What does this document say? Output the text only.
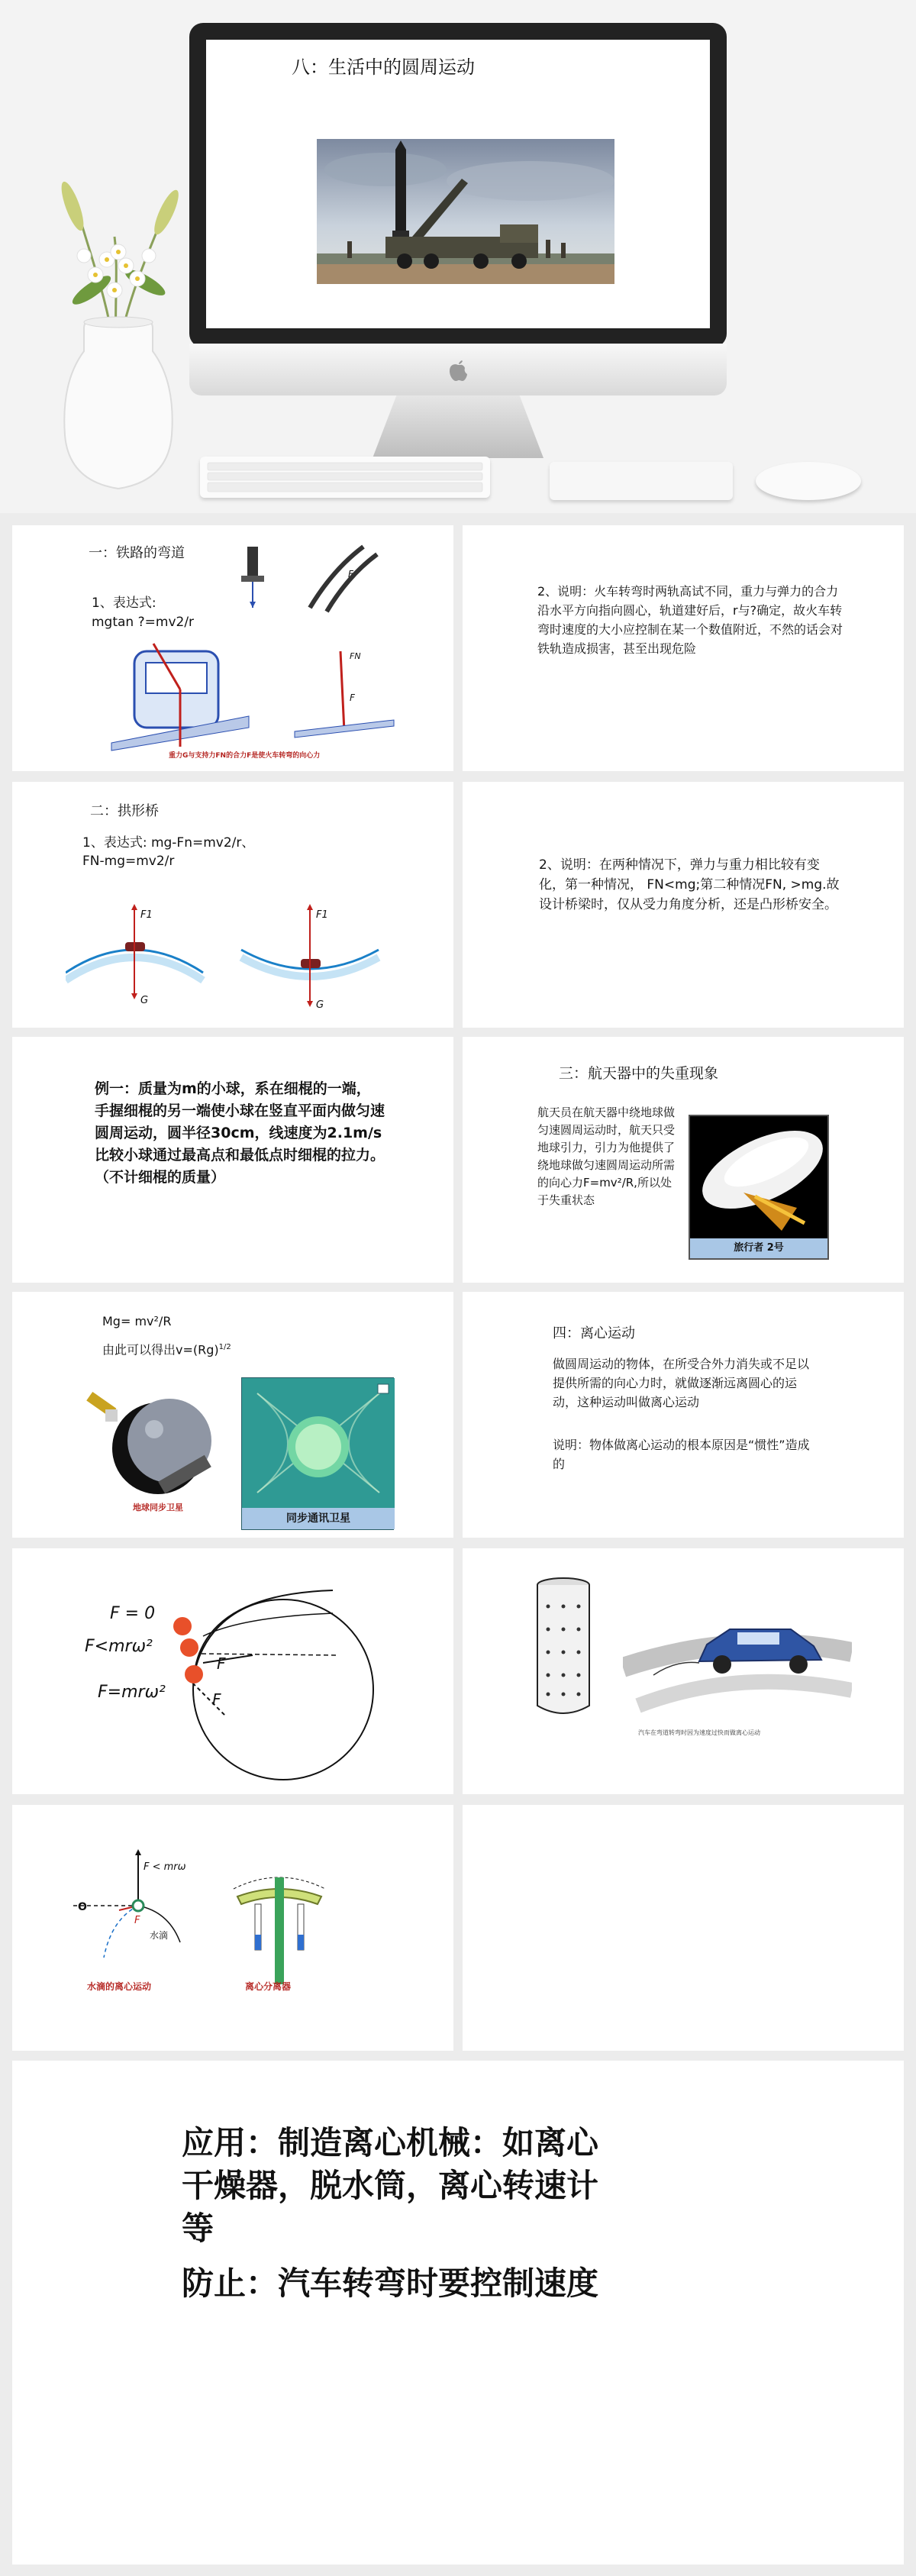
八：生活中的圆周运动
一：铁路的弯道
1、表达式:
mgtan ?=mv2/r
F
FN
F
重力G与支持力FN的合力F是使火车转弯的向心力
2、说明：火车转弯时两轨高试不同，重力与弹力的合力沿水平方向指向圆心，轨道建好后，r与?确定，故火车转弯时速度的大小应控制在某一个数值附近，不然的话会对铁轨造成损害，甚至出现危险
二：拱形桥
1、表达式: mg-Fn=mv2/r、
FN-mg=mv2/r
F1
G
F1
G
2、说明：在两种情况下，弹力与重力相比较有变化，第一种情况， FN<mg;第二种情况FN, >mg.故设计桥梁时，仅从受力角度分析，还是凸形桥安全。
例一：质量为m的小球，系在细棍的一端，手握细棍的另一端使小球在竖直平面内做匀速圆周运动，圆半径30cm，线速度为2.1m/s比较小球通过最高点和最低点时细棍的拉力。（不计细棍的质量）
三：航天器中的失重现象
航天员在航天器中绕地球做匀速圆周运动时，航天只受地球引力，引力为他提供了绕地球做匀速圆周运动所需的向心力F=mv²/R,所以处于失重状态
旅行者 2号
Mg= mv²/R
由此可以得出$v=(Rg)^{1/2}$
地球同步卫星
同步通讯卫星
四：离心运动
做圆周运动的物体，在所受合外力消失或不足以提供所需的向心力时，就做逐渐远离圆心的运动，这种运动叫做离心运动
说明：物体做离心运动的根本原因是“惯性”造成的
F = 0
F<mrω²
F=mrω²
F
F
汽车在弯道转弯时因为速度过快而做离心运动
O
F
F < mrω
水滴
水滴的离心运动	离心分离器
应用：制造离心机械：如离心
干燥器，脱水筒，离心转速计
等
防止：汽车转弯时要控制速度
